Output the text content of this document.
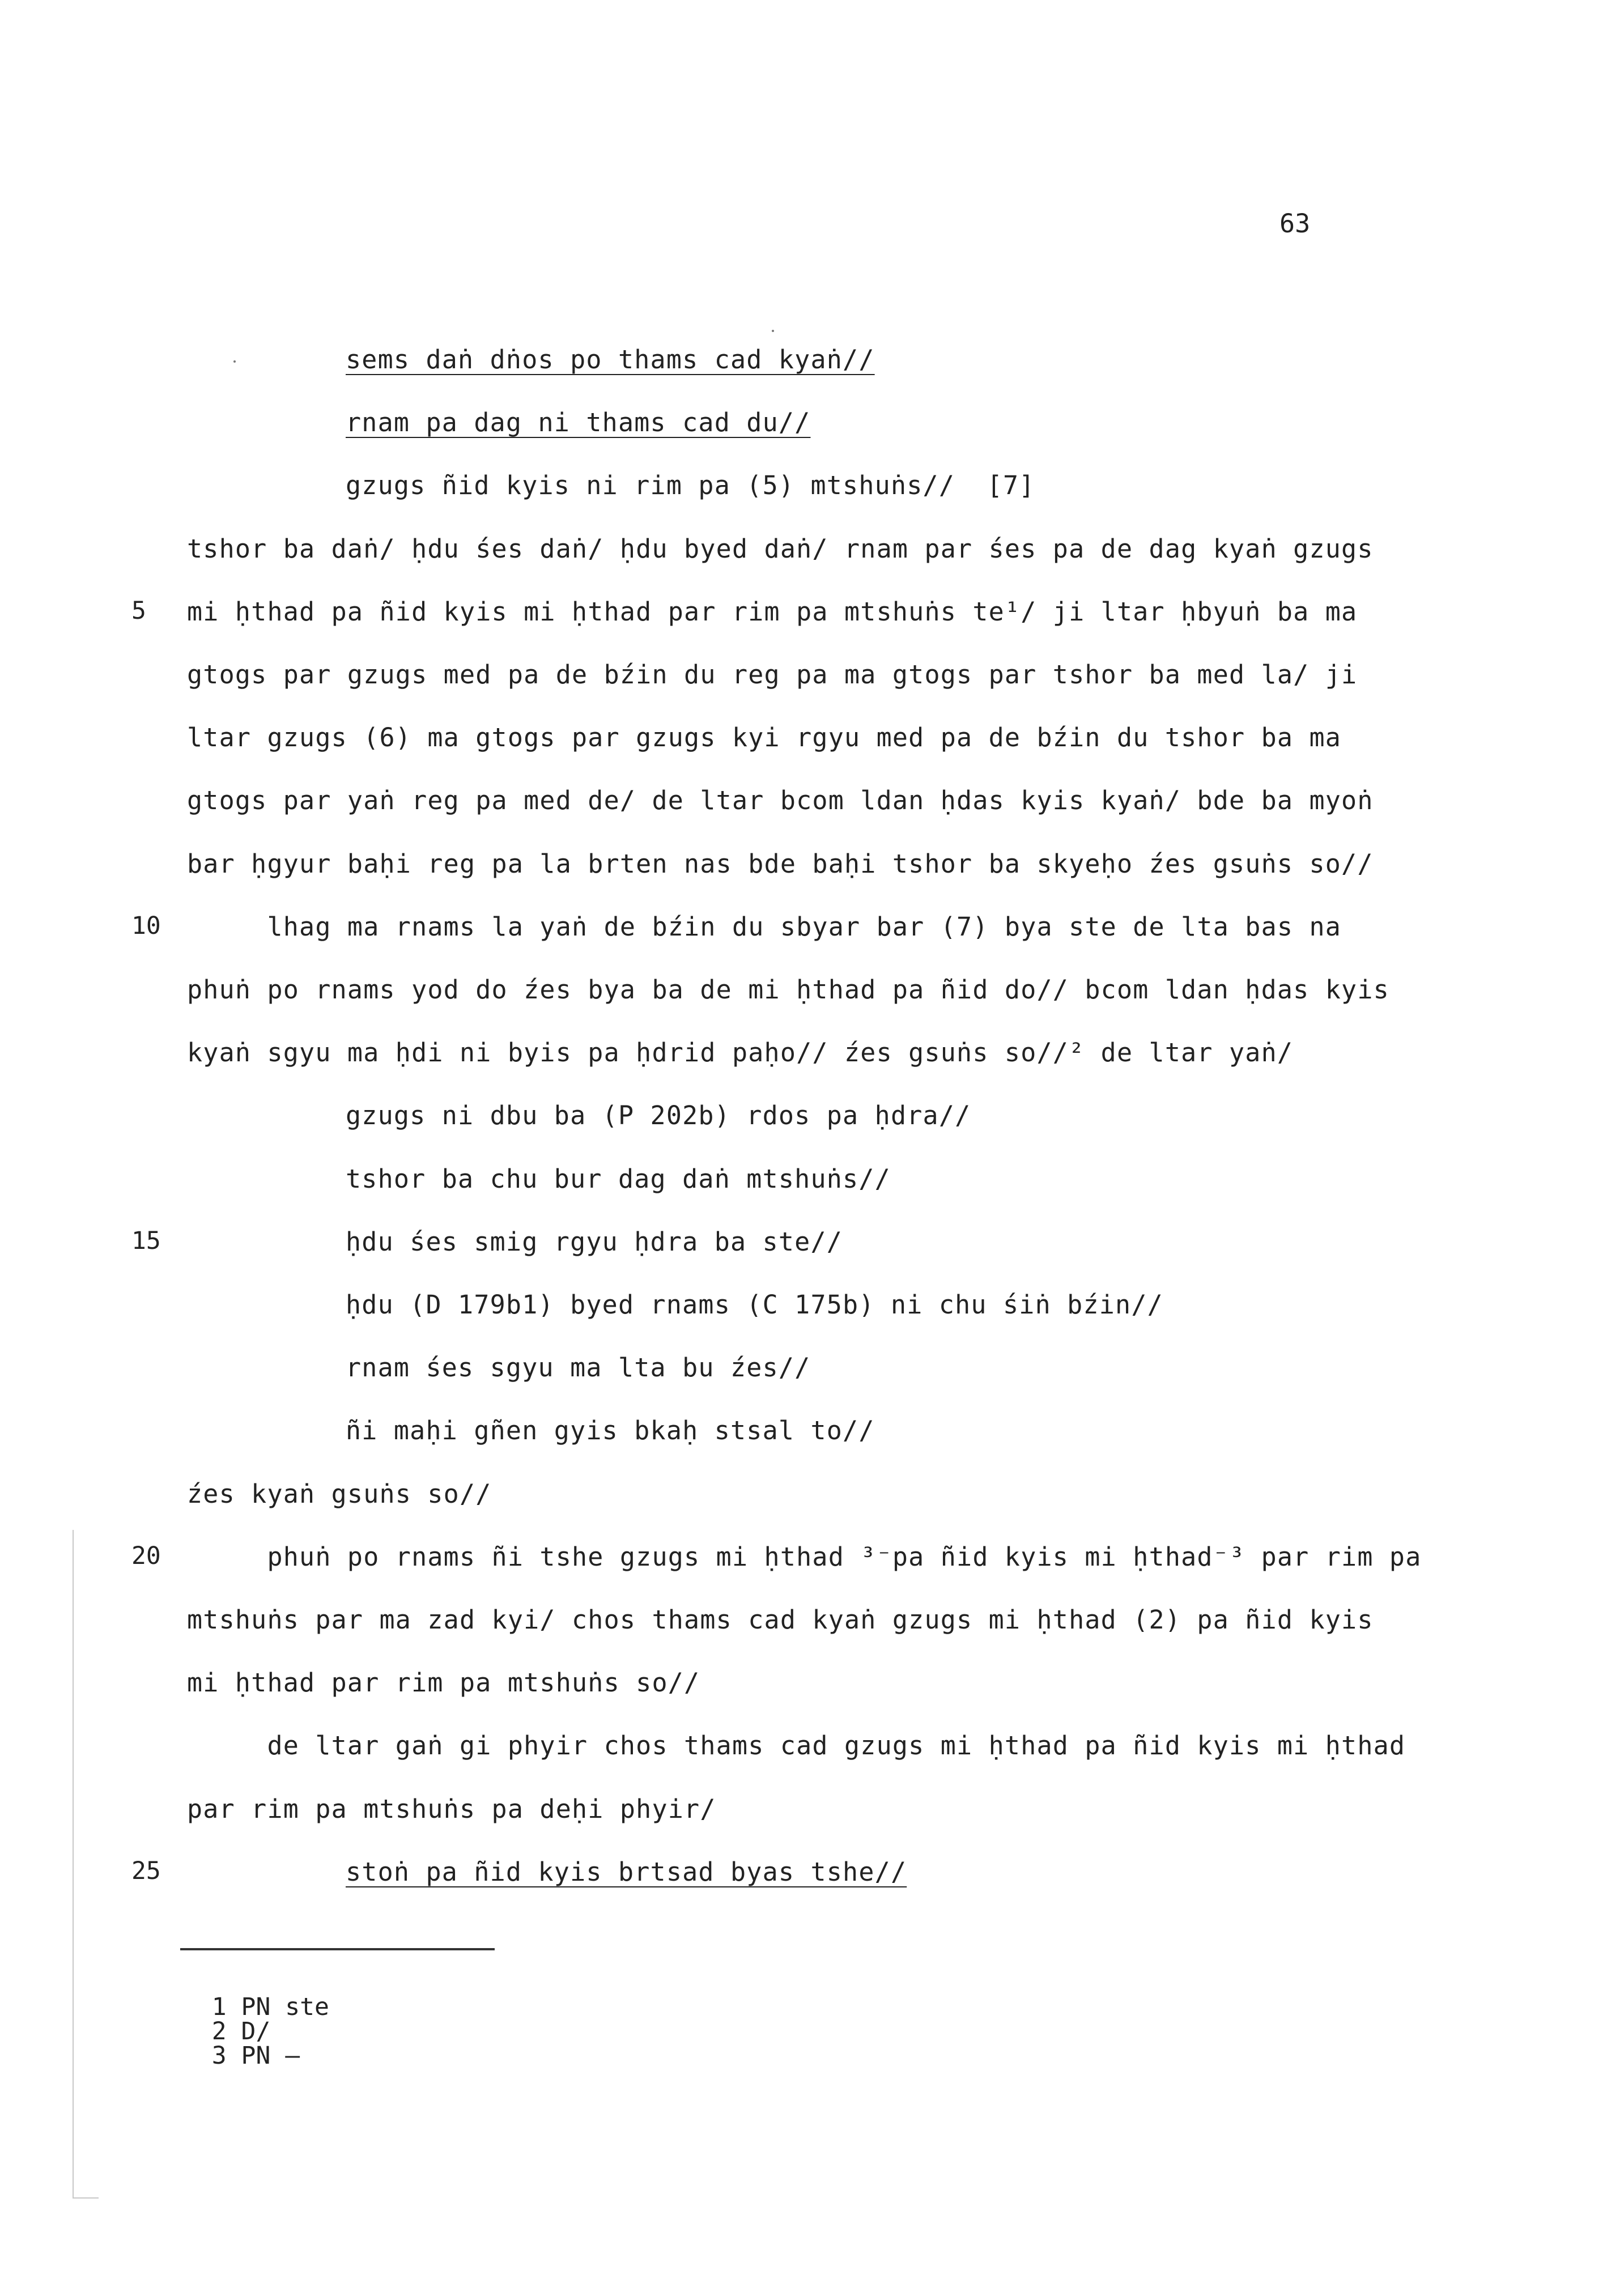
63
sems daṅ dṅos po thams cad kyaṅ//
rnam pa dag ni thams cad du//
gzugs ñid kyis ni rim pa (5) mtshuṅs//  [7]
tshor ba daṅ/ ḥdu śes daṅ/ ḥdu byed daṅ/ rnam par śes pa de dag kyaṅ gzugs
5	mi ḥthad pa ñid kyis mi ḥthad par rim pa mtshuṅs te¹/ ji ltar ḥbyuṅ ba ma
gtogs par gzugs med pa de bźin du reg pa ma gtogs par tshor ba med la/ ji
ltar gzugs (6) ma gtogs par gzugs kyi rgyu med pa de bźin du tshor ba ma
gtogs par yaṅ reg pa med de/ de ltar bcom ldan ḥdas kyis kyaṅ/ bde ba myoṅ
bar ḥgyur baḥi reg pa la brten nas bde baḥi tshor ba skyeḥo źes gsuṅs so//
10	lhag ma rnams la yaṅ de bźin du sbyar bar (7) bya ste de lta bas na
phuṅ po rnams yod do źes bya ba de mi ḥthad pa ñid do// bcom ldan ḥdas kyis
kyaṅ sgyu ma ḥdi ni byis pa ḥdrid paḥo// źes gsuṅs so//² de ltar yaṅ/
gzugs ni dbu ba (P 202b) rdos pa ḥdra//
tshor ba chu bur dag daṅ mtshuṅs//
15	ḥdu śes smig rgyu ḥdra ba ste//
ḥdu (D 179b1) byed rnams (C 175b) ni chu śiṅ bźin//
rnam śes sgyu ma lta bu źes//
ñi maḥi gñen gyis bkaḥ stsal to//
źes kyaṅ gsuṅs so//
20	phuṅ po rnams ñi tshe gzugs mi ḥthad ³⁻pa ñid kyis mi ḥthad⁻³ par rim pa
mtshuṅs par ma zad kyi/ chos thams cad kyaṅ gzugs mi ḥthad (2) pa ñid kyis
mi ḥthad par rim pa mtshuṅs so//
de ltar gaṅ gi phyir chos thams cad gzugs mi ḥthad pa ñid kyis mi ḥthad
par rim pa mtshuṅs pa deḥi phyir/
25	stoṅ pa ñid kyis brtsad byas tshe//

1 PN ste
2 D/
3 PN —
